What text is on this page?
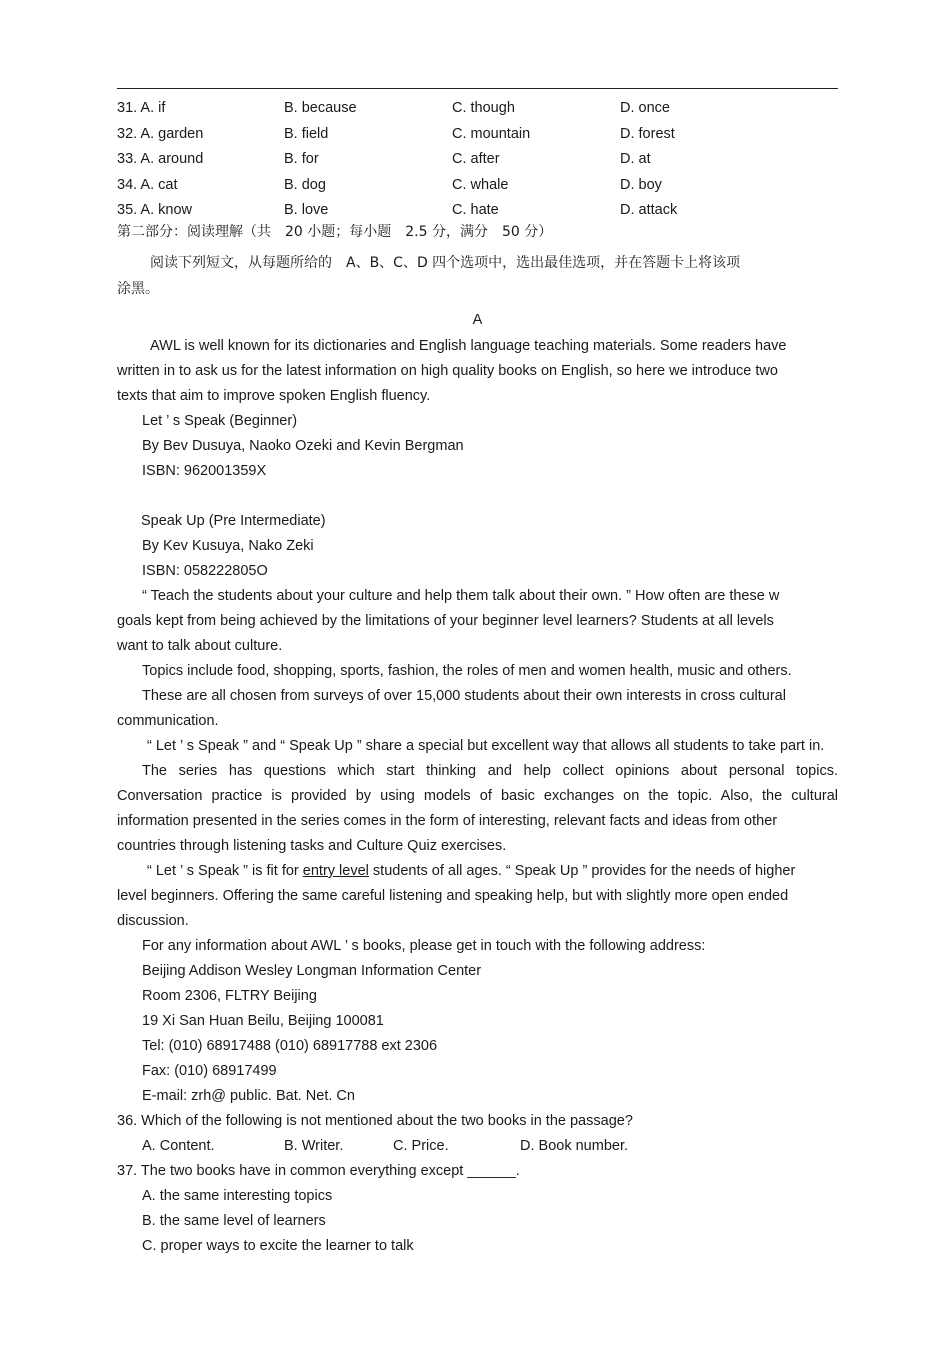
31. A. if	B. because	C. though	D. once
32. A. garden	B. field	C. mountain	D. forest
33. A. around	B. for	C. after	D. at
34. A. cat	B. dog	C. whale	D. boy
35. A. know	B. love	C. hate	D. attack
第二部分：阅读理解（共　20 小题；每小题　2.5 分，满分　50 分）
阅读下列短文，从每题所给的　A、B、C、D 四个选项中，选出最佳选项，并在答题卡上将该项
涂黑。
A
AWL is well known for its dictionaries and English language teaching materials. Some readers have
written in to ask us for the latest information on high quality books on English, so here we introduce two
texts that aim to improve spoken English fluency.
Let ’ s Speak (Beginner)
By Bev Dusuya, Naoko Ozeki and Kevin Bergman
ISBN: 962001359X
Speak Up (Pre Intermediate)
By Kev Kusuya, Nako Zeki
ISBN: 058222805O
“ Teach the students about your culture and help them talk about their own. ” How often are these w
goals kept from being achieved by the limitations of your beginner level learners? Students at all levels
want to talk about culture.
Topics include food, shopping, sports, fashion, the roles of men and women health, music and others.
These are all chosen from surveys of over 15,000 students about their own interests in cross cultural
communication.
“ Let ’ s Speak ” and “ Speak Up ” share a special but excellent way that allows all students to take part in.
The series has questions which start thinking and help collect opinions about personal topics.
Conversation practice is provided by using models of basic exchanges on the topic. Also, the cultural
information presented in the series comes in the form of interesting, relevant facts and ideas from other
countries through listening tasks and Culture Quiz exercises.
“ Let ’ s Speak ” is fit for entry level students of all ages. “ Speak Up ” provides for the needs of higher
level beginners. Offering the same careful listening and speaking help, but with slightly more open ended
discussion.
For any information about AWL ’ s books, please get in touch with the following address:
Beijing Addison Wesley Longman Information Center
Room 2306, FLTRY Beijing
19 Xi San Huan Beilu, Beijing 100081
Tel: (010) 68917488 (010) 68917788 ext 2306
Fax: (010) 68917499
E-mail: zrh@ public. Bat. Net. Cn
36. Which of the following is not mentioned about the two books in the passage?
A. Content.	B. Writer.	C. Price.	D. Book number.
37. The two books have in common everything except ______.
A. the same interesting topics
B. the same level of learners
C. proper ways to excite the learner to talk
